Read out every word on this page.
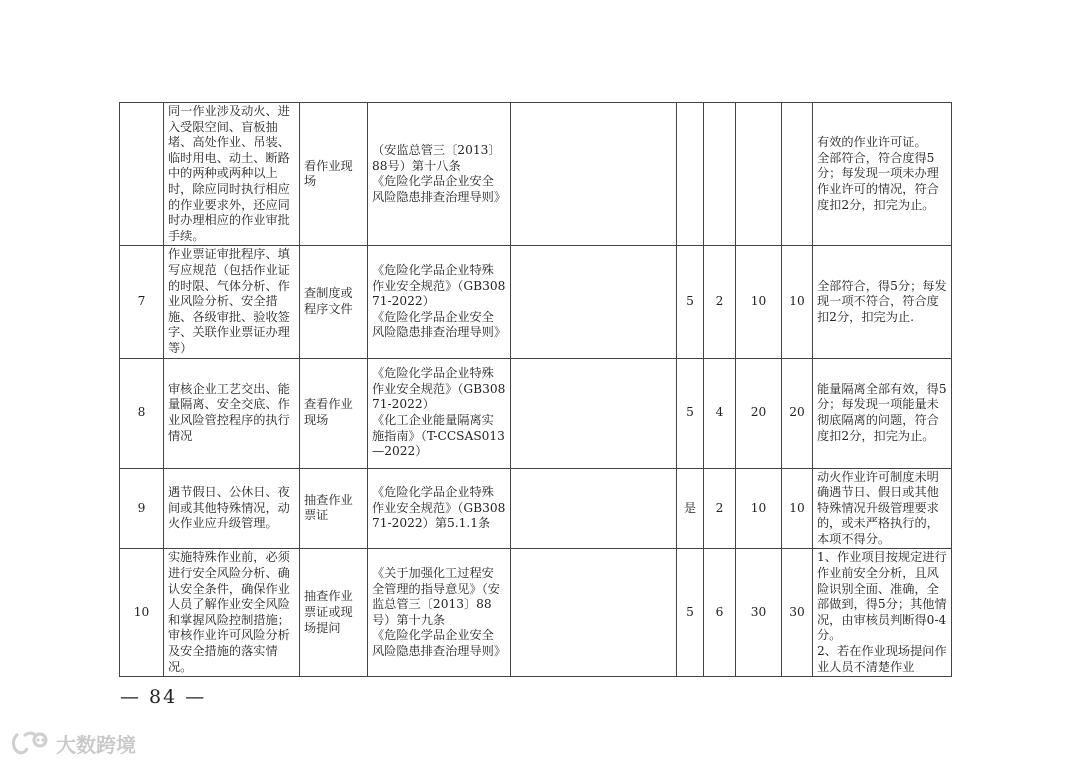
	同一作业涉及动火、进入受限空间、盲板抽堵、高处作业、吊装、临时用电、动土、断路中的两种或两种以上时，除应同时执行相应的作业要求外，还应同时办理相应的作业审批手续。	看作业现场	（安监总管三〔2013〕88号）第十八条
《危险化学品企业安全风险隐患排查治理导则》						有效的作业许可证。
全部符合，符合度得5分；每发现一项未办理作业许可的情况，符合度扣2分，扣完为止。

7	作业票证审批程序、填写应规范（包括作业证的时限、气体分析、作业风险分析、安全措施、各级审批、验收签字、关联作业票证办理等）	查制度或程序文件	《危险化学品企业特殊作业安全规范》（GB30871-2022）
《危险化学品企业安全风险隐患排查治理导则》		5	2	10	10	全部符合，得5分；每发现一项不符合，符合度扣2分，扣完为止.
8	审核企业工艺交出、能量隔离、安全交底、作业风险管控程序的执行情况	查看作业现场	《危险化学品企业特殊作业安全规范》（GB30871-2022）
《化工企业能量隔离实施指南》（T-CCSAS013—2022）		5	4	20	20	能量隔离全部有效，得5分；每发现一项能量未彻底隔离的问题，符合度扣2分，扣完为止。
9	遇节假日、公休日、夜间或其他特殊情况，动火作业应升级管理。	抽查作业票证	《危险化学品企业特殊作业安全规范》（GB30871-2022）第5.1.1条		是	2	10	10	动火作业许可制度未明确遇节日、假日或其他特殊情况升级管理要求的，或未严格执行的，本项不得分。
10	实施特殊作业前，必须进行安全风险分析、确认安全条件，确保作业人员了解作业安全风险和掌握风险控制措施；审核作业许可风险分析及安全措施的落实情况。	抽查作业票证或现场提问	《关于加强化工过程安全管理的指导意见》（安监总管三〔2013〕88号）第十九条
《危险化学品企业安全风险隐患排查治理导则》		5	6	30	30	1、作业项目按规定进行作业前安全分析，且风险识别全面、准确，全部做到，得5分；其他情况，由审核员判断得0-4分。
2、若在作业现场提问作业人员不清楚作业
— 84 —
大数跨境
